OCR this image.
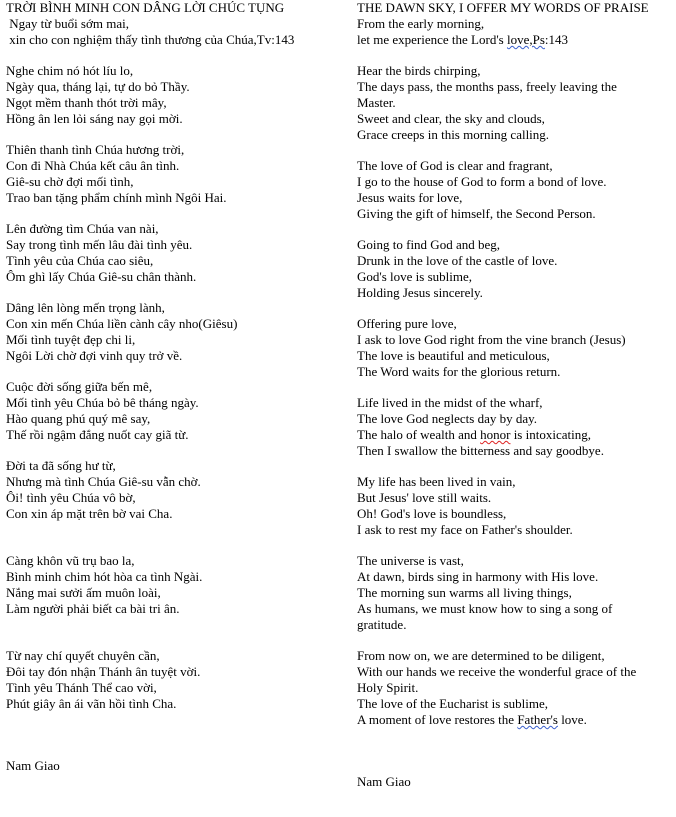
TRỜI BÌNH MINH CON DÂNG LỜI CHÚC TỤNG
Ngay từ buổi sớm mai,
xin cho con nghiệm thấy tình thương của Chúa,Tv:143
Nghe chim nó hót líu lo,
Ngày qua, tháng lại, tự do bỏ Thầy.
Ngọt mềm thanh thót trời mây,
Hồng ân len lỏi sáng nay gọi mời.
Thiên thanh tình Chúa hương trời,
Con đi Nhà Chúa kết câu ân tình.
Giê-su chờ đợi mối tình,
Trao ban tặng phẩm chính mình Ngôi Hai.
Lên đường tìm Chúa van nài,
Say trong tình mến lâu đài tình yêu.
Tình yêu của Chúa cao siêu,
Ôm ghì lấy Chúa Giê-su chân thành.
Dâng lên lòng mến trọng lành,
Con xin mến Chúa liền cành cây nho(Giêsu)
Mối tình tuyệt đẹp chi li,
Ngôi Lời chờ đợi vinh quy trở về.
Cuộc đời sống giữa bến mê,
Mối tình yêu Chúa bỏ bê tháng ngày.
Hào quang phú quý mê say,
Thế rồi ngậm đắng nuốt cay giã từ.
Đời ta đã sống hư từ,
Nhưng mà tình Chúa Giê-su vẫn chờ.
Ôi! tình yêu Chúa vô bờ,
Con xin áp mặt trên bờ vai Cha.
Càng khôn vũ trụ bao la,
Bình minh chim hót hòa ca tình Ngài.
Nắng mai sưởi ấm muôn loài,
Làm người phải biết ca bài tri ân.
Từ nay chí quyết chuyên cần,
Đôi tay đón nhận Thánh ân tuyệt vời.
Tình yêu Thánh Thể cao vời,
Phút giây ân ái vãn hồi tình Cha.
Nam Giao
THE DAWN SKY, I OFFER MY WORDS OF PRAISE
From the early morning,
let me experience the Lord's love,Ps:143
Hear the birds chirping,
The days pass, the months pass, freely leaving the
Master.
Sweet and clear, the sky and clouds,
Grace creeps in this morning calling.
The love of God is clear and fragrant,
I go to the house of God to form a bond of love.
Jesus waits for love,
Giving the gift of himself, the Second Person.
Going to find God and beg,
Drunk in the love of the castle of love.
God's love is sublime,
Holding Jesus sincerely.
Offering pure love,
I ask to love God right from the vine branch (Jesus)
The love is beautiful and meticulous,
The Word waits for the glorious return.
Life lived in the midst of the wharf,
The love God neglects day by day.
The halo of wealth and honor is intoxicating,
Then I swallow the bitterness and say goodbye.
My life has been lived in vain,
But Jesus' love still waits.
Oh! God's love is boundless,
I ask to rest my face on Father's shoulder.
The universe is vast,
At dawn, birds sing in harmony with His love.
The morning sun warms all living things,
As humans, we must know how to sing a song of
gratitude.
From now on, we are determined to be diligent,
With our hands we receive the wonderful grace of the
Holy Spirit.
The love of the Eucharist is sublime,
A moment of love restores the Father's love.
Nam Giao
